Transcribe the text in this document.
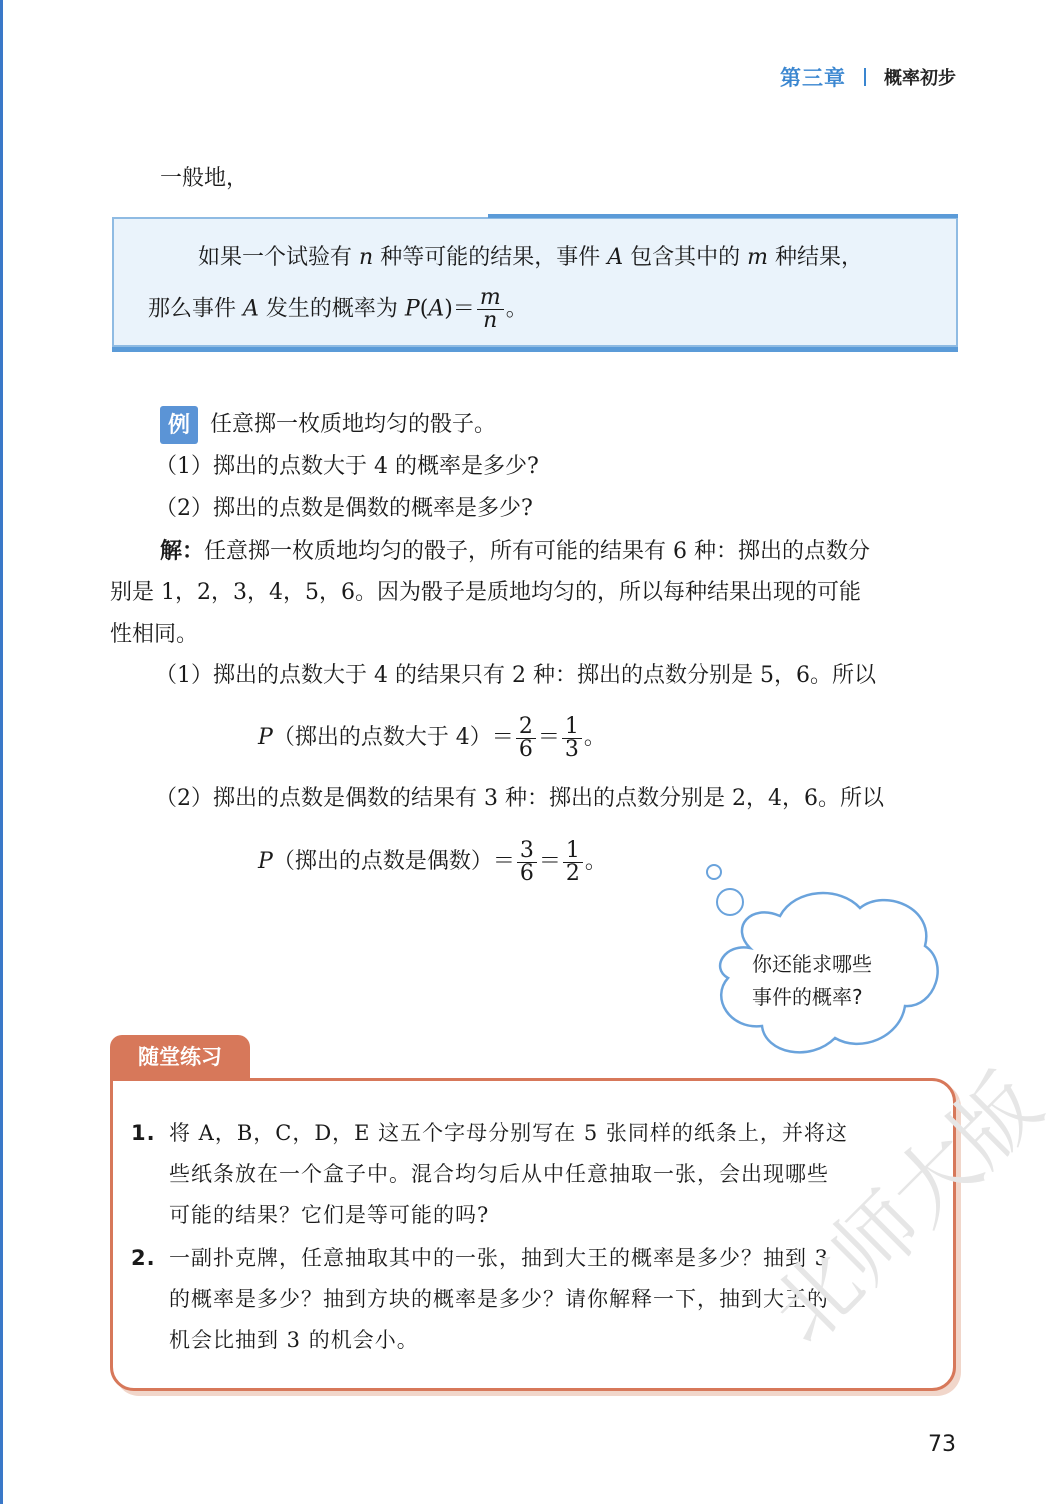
第三章 概率初步
一般地，
如果一个试验有 n 种等可能的结果，事件 A 包含其中的 m 种结果，
那么事件 A 发生的概率为 $P(A)= \frac{m}{n}$ 。
例 任意掷一枚质地均匀的骰子。
（1）掷出的点数大于 4 的概率是多少?
（2）掷出的点数是偶数的概率是多少?
解：任意掷一枚质地均匀的骰子，所有可能的结果有 6 种：掷出的点数分
别是 1，2，3，4，5，6。因为骰子是质地均匀的，所以每种结果出现的可能
性相同。
（1）掷出的点数大于 4 的结果只有 2 种：掷出的点数分别是 5，6。所以
P（掷出的点数大于 $4)= \frac{2}{6} = \frac{1}{3}$ 。
（2）掷出的点数是偶数的结果有 3 种：掷出的点数分别是 2，4，6。所以
P（掷出的点数是偶数）＝ $\frac{3}{6} = \frac{1}{2}$ 。
你还能求哪些
事件的概率?
随堂练习
1. 将 A，B，C，D，E 这五个字母分别写在 5 张同样的纸条上，并将这
些纸条放在一个盒子中。混合均匀后从中任意抽取一张，会出现哪些
可能的结果？它们是等可能的吗?
2. 一副扑克牌，任意抽取其中的一张，抽到大王的概率是多少？抽到 3
的概率是多少？抽到方块的概率是多少？请你解释一下，抽到大王的
机会比抽到 3 的机会小。	北师大版
73
